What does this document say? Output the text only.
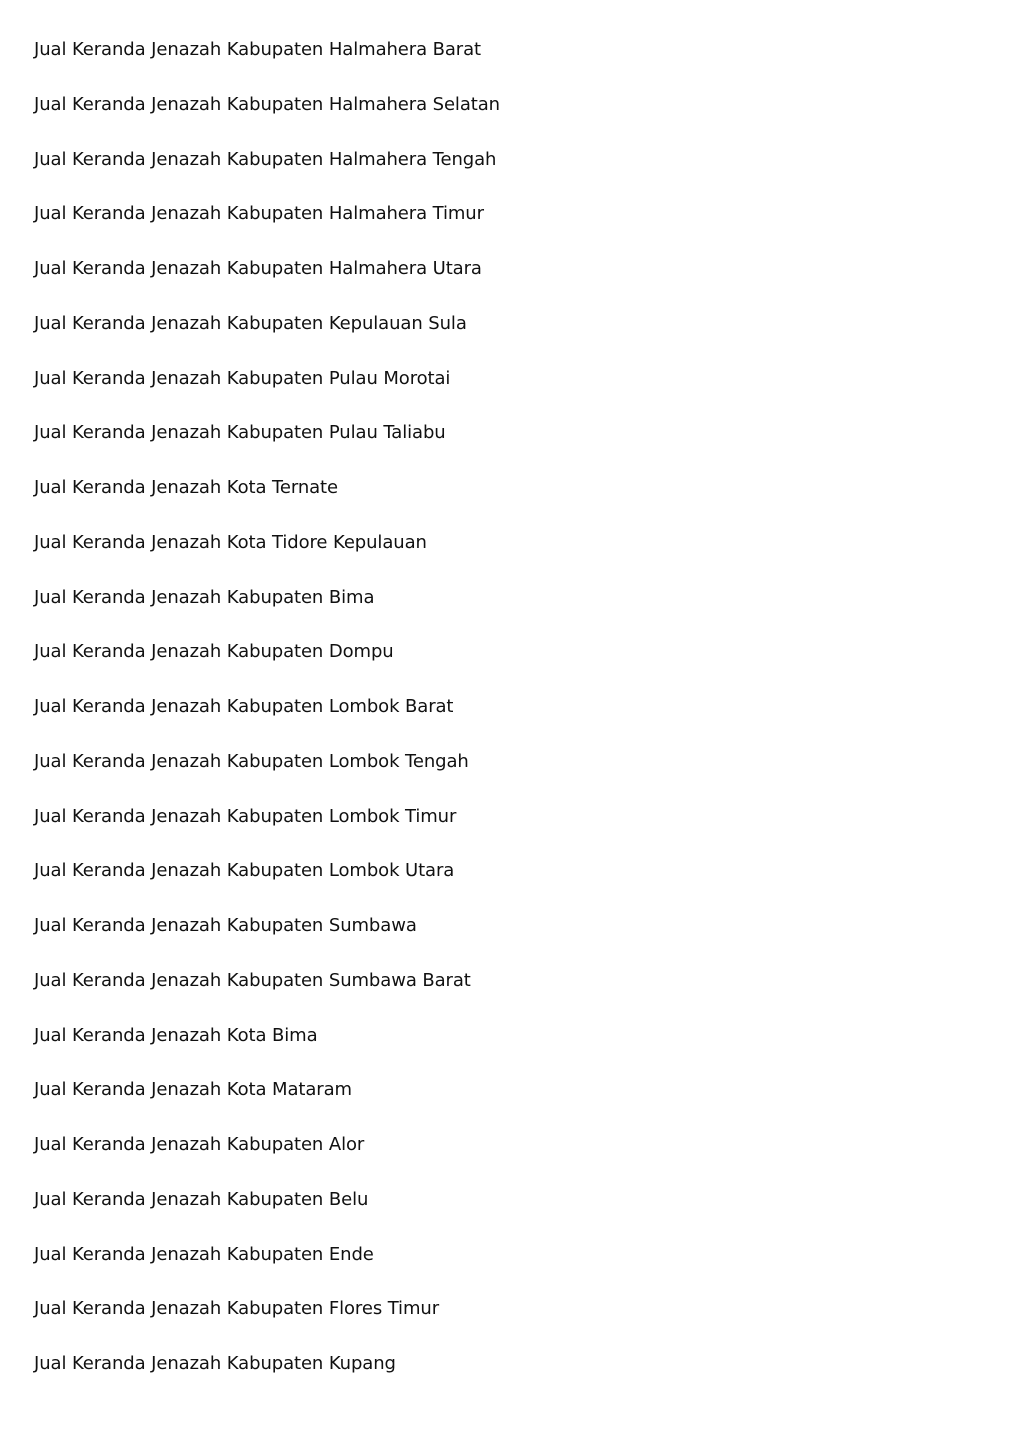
Jual Keranda Jenazah Kabupaten Halmahera Barat
Jual Keranda Jenazah Kabupaten Halmahera Selatan
Jual Keranda Jenazah Kabupaten Halmahera Tengah
Jual Keranda Jenazah Kabupaten Halmahera Timur
Jual Keranda Jenazah Kabupaten Halmahera Utara
Jual Keranda Jenazah Kabupaten Kepulauan Sula
Jual Keranda Jenazah Kabupaten Pulau Morotai
Jual Keranda Jenazah Kabupaten Pulau Taliabu
Jual Keranda Jenazah Kota Ternate
Jual Keranda Jenazah Kota Tidore Kepulauan
Jual Keranda Jenazah Kabupaten Bima
Jual Keranda Jenazah Kabupaten Dompu
Jual Keranda Jenazah Kabupaten Lombok Barat
Jual Keranda Jenazah Kabupaten Lombok Tengah
Jual Keranda Jenazah Kabupaten Lombok Timur
Jual Keranda Jenazah Kabupaten Lombok Utara
Jual Keranda Jenazah Kabupaten Sumbawa
Jual Keranda Jenazah Kabupaten Sumbawa Barat
Jual Keranda Jenazah Kota Bima
Jual Keranda Jenazah Kota Mataram
Jual Keranda Jenazah Kabupaten Alor
Jual Keranda Jenazah Kabupaten Belu
Jual Keranda Jenazah Kabupaten Ende
Jual Keranda Jenazah Kabupaten Flores Timur
Jual Keranda Jenazah Kabupaten Kupang
